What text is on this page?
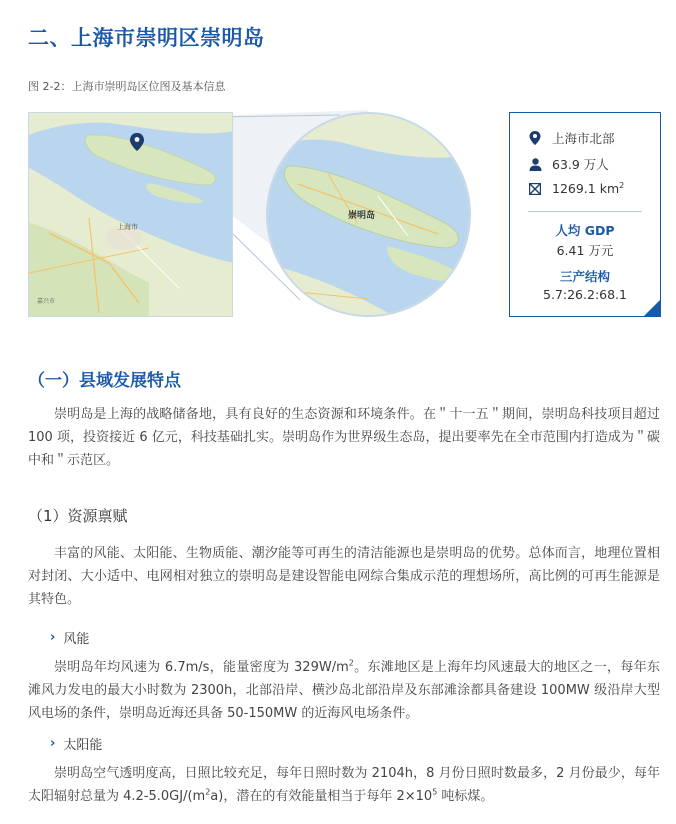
二、上海市崇明区崇明岛
图 2-2：上海市崇明岛区位图及基本信息
上海市
嘉兴市
崇明岛
上海市北部
63.9 万人
1269.1 $km^2$
人均 GDP
6.41 万元
三产结构
5.7:26.2:68.1
（一）县域发展特点
崇明岛是上海的战略储备地，具有良好的生态资源和环境条件。在＂十一五＂期间，崇明岛科技项目超过 100 项，投资接近 6 亿元，科技基础扎实。崇明岛作为世界级生态岛，提出要率先在全市范围内打造成为＂碳中和＂示范区。
（1）资源禀赋
丰富的风能、太阳能、生物质能、潮汐能等可再生的清洁能源也是崇明岛的优势。总体而言，地理位置相对封闭、大小适中、电网相对独立的崇明岛是建设智能电网综合集成示范的理想场所，高比例的可再生能源是其特色。
› 风能
崇明岛年均风速为 6.7m/s，能量密度为 $329W/m^2$。东滩地区是上海年均风速最大的地区之一，每年东滩风力发电的最大小时数为 2300h，北部沿岸、横沙岛北部沿岸及东部滩涂都具备建设 100MW 级沿岸大型风电场的条件，崇明岛近海还具备 50-150MW 的近海风电场条件。
› 太阳能
崇明岛空气透明度高，日照比较充足，每年日照时数为 2104h，8 月份日照时数最多，2 月份最少，每年太阳辐射总量为 $4.2-5.0GJ/(m^2a)$，潜在的有效能量相当于每年 $2\times 10^5$ 吨标煤。
